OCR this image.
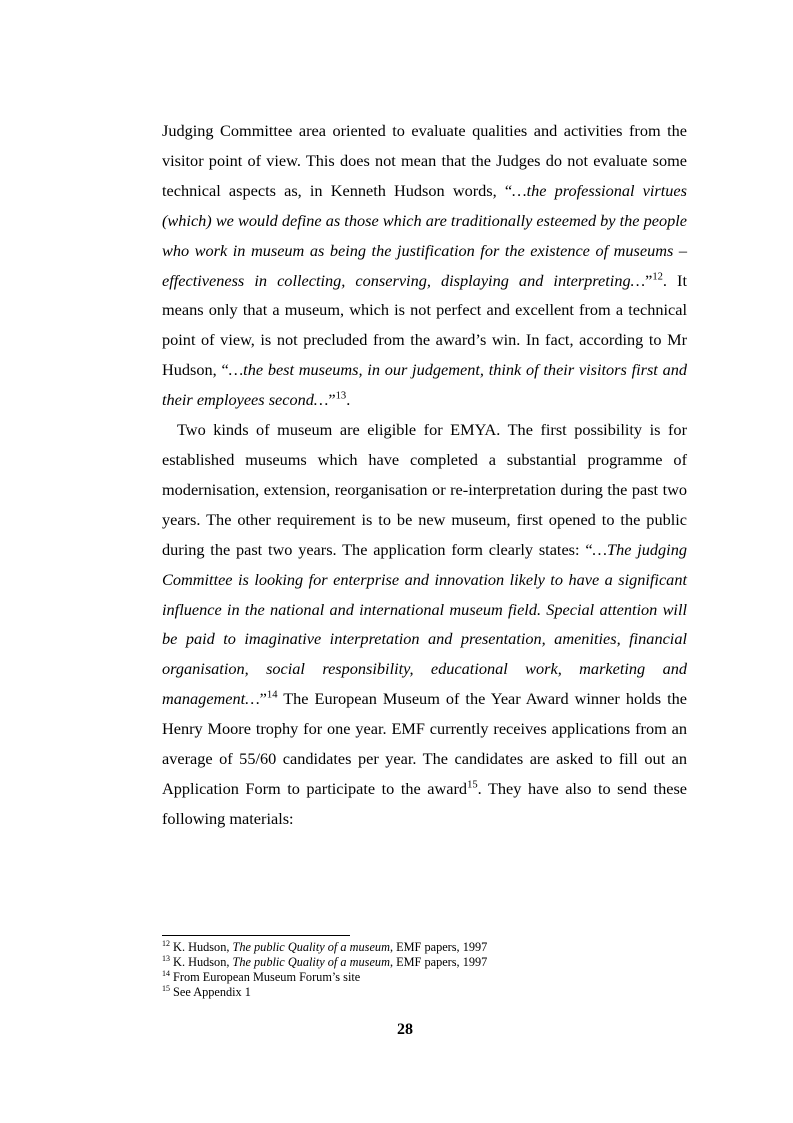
Judging Committee area oriented to evaluate qualities and activities from the visitor point of view. This does not mean that the Judges do not evaluate some technical aspects as, in Kenneth Hudson words, “…the professional virtues (which) we would define as those which are traditionally esteemed by the people who work in museum as being the justification for the existence of museums –effectiveness in collecting, conserving, displaying and interpreting…”$^{12}$. It means only that a museum, which is not perfect and excellent from a technical point of view, is not precluded from the award’s win. In fact, according to Mr Hudson, “…the best museums, in our judgement, think of their visitors first and their employees second…”$^{13}$.

Two kinds of museum are eligible for EMYA. The first possibility is for established museums which have completed a substantial programme of modernisation, extension, reorganisation or re-interpretation during the past two years. The other requirement is to be new museum, first opened to the public during the past two years. The application form clearly states: “…The judging Committee is looking for enterprise and innovation likely to have a significant influence in the national and international museum field. Special attention will be paid to imaginative interpretation and presentation, amenities, financial organisation, social responsibility, educational work, marketing and management…”$^{14}$ The European Museum of the Year Award winner holds the Henry Moore trophy for one year. EMF currently receives applications from an average of 55/60 candidates per year. The candidates are asked to fill out an Application Form to participate to the award$^{15}$. They have also to send these following materials:

$^{12}$ K. Hudson, The public Quality of a museum, EMF papers, 1997
$^{13}$ K. Hudson, The public Quality of a museum, EMF papers, 1997
$^{14}$ From European Museum Forum’s site
$^{15}$ See Appendix 1
28
